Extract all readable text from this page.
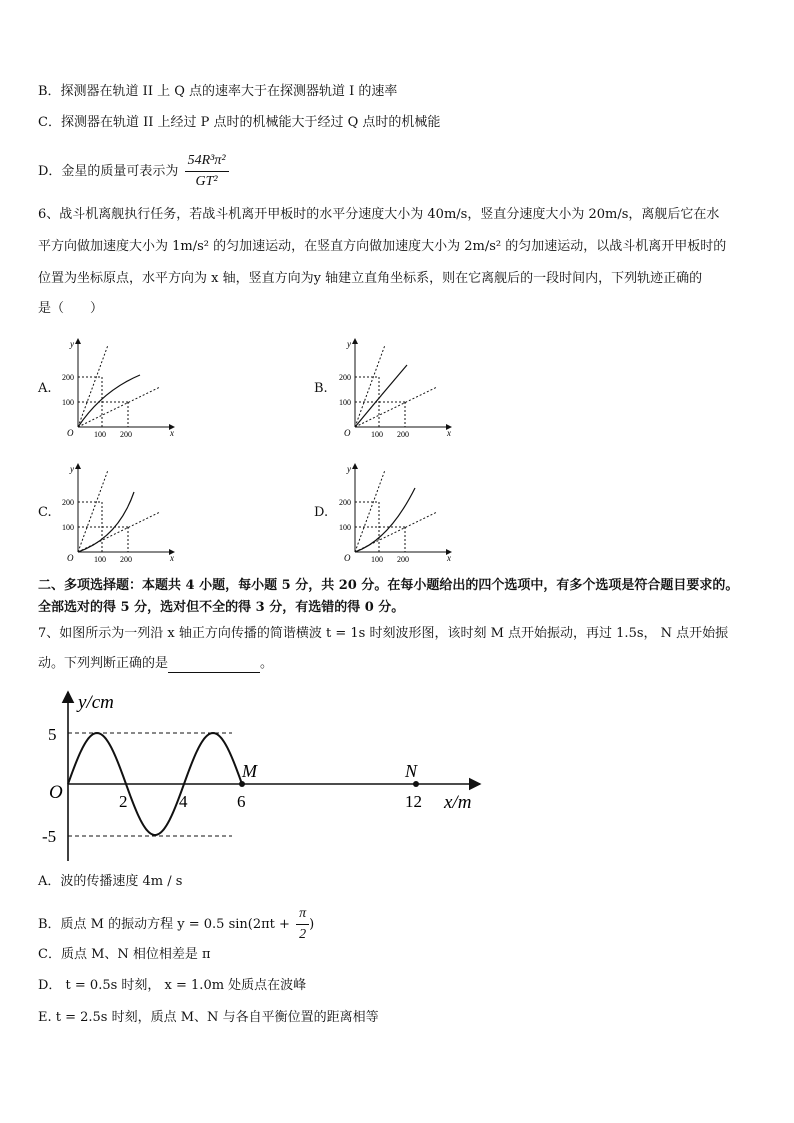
B．探测器在轨道 II 上 Q 点的速率大于在探测器轨道 I 的速率
C．探测器在轨道 II 上经过 P 点时的机械能大于经过 Q 点时的机械能
D．金星的质量可表示为 $\frac{\text{54R³π²}}{\text{GT²}}$
6、战斗机离舰执行任务，若战斗机离开甲板时的水平分速度大小为 40m/s，竖直分速度大小为 20m/s，离舰后它在水
平方向做加速度大小为 1m/s² 的匀加速运动，在竖直方向做加速度大小为 2m/s² 的匀加速运动，以战斗机离开甲板时的
位置为坐标原点，水平方向为 x 轴，竖直方向为y 轴建立直角坐标系，则在它离舰后的一段时间内，下列轨迹正确的
是（　　）
A.	B.
C.	D.
y
x
O
200
100
100 200
y
x
O
200
100
100 200
y
x
O
200
100
100 200
y
x
O
200
100
100 200
二、多项选择题：本题共 4 小题，每小题 5 分，共 20 分。在每小题给出的四个选项中，有多个选项是符合题目要求的。
全部选对的得 5 分，选对但不全的得 3 分，有选错的得 0 分。
7、如图所示为一列沿 x 轴正方向传播的简谐横波 t = 1s 时刻波形图，该时刻 M 点开始振动，再过 1.5s， N 点开始振
动。下列判断正确的是	。
y/cm
x/m
O
5
-5
2	4	6	12
M	N
A．波的传播速度 4m / s
B．质点 M 的振动方程 y = 0.5 $\sin(2\pi t + \frac{\pi}{2}$ )
C．质点 M、N 相位相差是 π
D． t = 0.5s 时刻， x = 1.0m 处质点在波峰
E. t = 2.5s 时刻，质点 M、N 与各自平衡位置的距离相等
